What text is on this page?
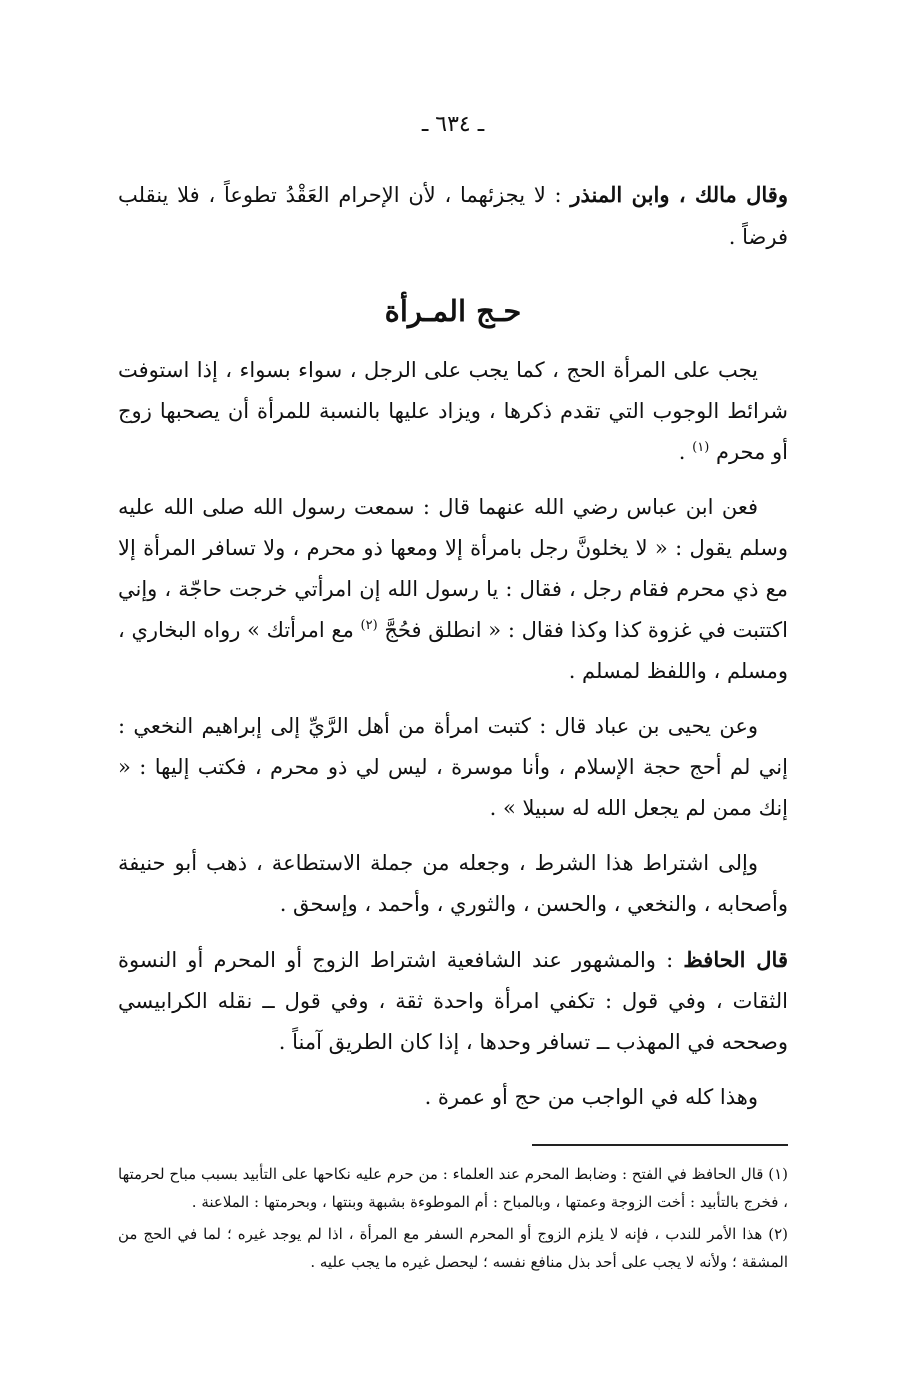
ـ ٦٣٤ ـ

وقال مالك ، وابن المنذر : لا يجزئهما ، لأن الإحرام العَقْدُ تطوعاً ، فلا ينقلب فرضاً .

حـج المـرأة

يجب على المرأة الحج ، كما يجب على الرجل ، سواء بسواء ، إذا استوفت شرائط الوجوب التي تقدم ذكرها ، ويزاد عليها بالنسبة للمرأة أن يصحبها زوج أو محرم $^{(١)}$ .

فعن ابن عباس رضي الله عنهما قال : سمعت رسول الله صلى الله عليه وسلم يقول : « لا يخلونَّ رجل بامرأة إلا ومعها ذو محرم ، ولا تسافر المرأة إلا مع ذي محرم فقام رجل ، فقال : يا رسول الله إن امرأتي خرجت حاجّة ، وإني اكتتبت في غزوة كذا وكذا فقال : « انطلق فحُجَّ $^{(٢)}$ مع امرأتك » رواه البخاري ، ومسلم ، واللفظ لمسلم .

وعن يحيى بن عباد قال : كتبت امرأة من أهل الرَّيِّ إلى إبراهيم النخعي : إني لم أحج حجة الإسلام ، وأنا موسرة ، ليس لي ذو محرم ، فكتب إليها : « إنك ممن لم يجعل الله له سبيلا » .

وإلى اشتراط هذا الشرط ، وجعله من جملة الاستطاعة ، ذهب أبو حنيفة وأصحابه ، والنخعي ، والحسن ، والثوري ، وأحمد ، وإسحق .

قال الحافظ : والمشهور عند الشافعية اشتراط الزوج أو المحرم أو النسوة الثقات ، وفي قول : تكفي امرأة واحدة ثقة ، وفي قول ــ نقله الكرابيسي وصححه في المهذب ــ تسافر وحدها ، إذا كان الطريق آمناً .

وهذا كله في الواجب من حج أو عمرة .

(١) قال الحافظ في الفتح : وضابط المحرم عند العلماء : من حرم عليه نكاحها على التأبيد بسبب مباح لحرمتها ، فخرج بالتأبيد : أخت الزوجة وعمتها ، وبالمباح : أم الموطوءة بشبهة وبنتها ، وبحرمتها : الملاعنة .

(٢) هذا الأمر للندب ، فإنه لا يلزم الزوج أو المحرم السفر مع المرأة ، اذا لم يوجد غيره ؛ لما في الحج من المشقة ؛ ولأنه لا يجب على أحد بذل منافع نفسه ؛ ليحصل غيره ما يجب عليه .
